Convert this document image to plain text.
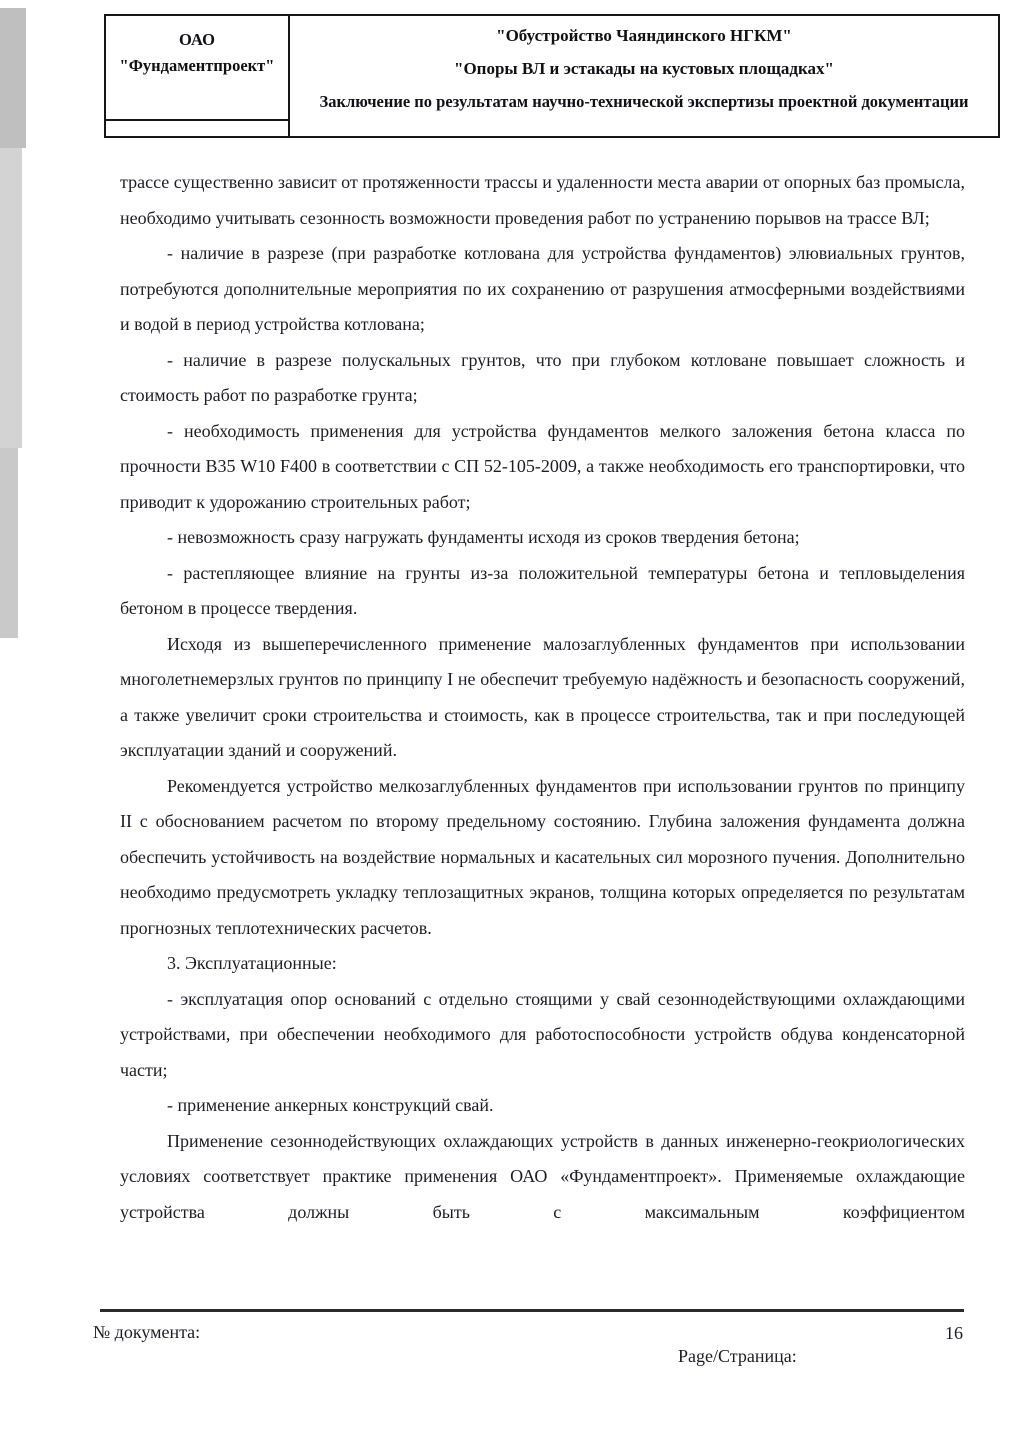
ОАО "Фундаментпроект"
"Обустройство Чаяндинского НГКМ"
"Опоры ВЛ и эстакады на кустовых площадках"
Заключение по результатам научно-технической экспертизы проектной документации

трассе существенно зависит от протяженности трассы и удаленности места аварии от опорных баз промысла, необходимо учитывать сезонность возможности проведения работ по устранению порывов на трассе ВЛ;

- наличие в разрезе (при разработке котлована для устройства фундаментов) элювиальных грунтов, потребуются дополнительные мероприятия по их сохранению от разрушения атмосферными воздействиями и водой в период устройства котлована;

- наличие в разрезе полускальных грунтов, что при глубоком котловане повышает сложность и стоимость работ по разработке грунта;

- необходимость применения для устройства фундаментов мелкого заложения бетона класса по прочности В35 W10 F400 в соответствии с СП 52-105-2009, а также необходимость его транспортировки, что приводит к удорожанию строительных работ;

- невозможность сразу нагружать фундаменты исходя из сроков твердения бетона;

- растепляющее влияние на грунты из-за положительной температуры бетона и тепловыделения бетоном в процессе твердения.

Исходя из вышеперечисленного применение малозаглубленных фундаментов при использовании многолетнемерзлых грунтов по принципу I не обеспечит требуемую надёжность и безопасность сооружений, а также увеличит сроки строительства и стоимость, как в процессе строительства, так и при последующей эксплуатации зданий и сооружений.

Рекомендуется устройство мелкозаглубленных фундаментов при использовании грунтов по принципу II с обоснованием расчетом по второму предельному состоянию. Глубина заложения фундамента должна обеспечить устойчивость на воздействие нормальных и касательных сил морозного пучения. Дополнительно необходимо предусмотреть укладку теплозащитных экранов, толщина которых определяется по результатам прогнозных теплотехнических расчетов.

3. Эксплуатационные:

- эксплуатация опор оснований с отдельно стоящими у свай сезоннодействующими охлаждающими устройствами, при обеспечении необходимого для работоспособности устройств обдува конденсаторной части;

- применение анкерных конструкций свай.

Применение сезоннодействующих охлаждающих устройств в данных инженерно-геокриологических условиях соответствует практике применения ОАО «Фундаментпроект». Применяемые охлаждающие устройства должны быть с максимальным коэффициентом

№ документа:	16
Page/Страница:
